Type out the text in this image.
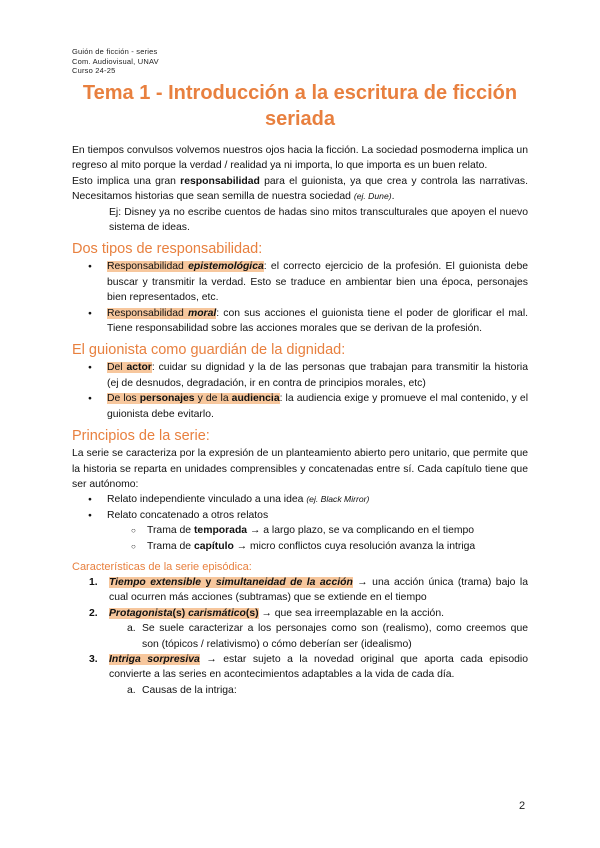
Guión de ficción - series
Com. Audiovisual, UNAV
Curso 24-25
Tema 1 - Introducción a la escritura de ficción seriada

En tiempos convulsos volvemos nuestros ojos hacia la ficción. La sociedad posmoderna implica un regreso al mito porque la verdad / realidad ya ni importa, lo que importa es un buen relato.

Esto implica una gran responsabilidad para el guionista, ya que crea y controla las narrativas. Necesitamos historias que sean semilla de nuestra sociedad (ej. Dune).

Ej: Disney ya no escribe cuentos de hadas sino mitos transculturales que apoyen el nuevo sistema de ideas.

Dos tipos de responsabilidad:
● Responsabilidad epistemológica: el correcto ejercicio de la profesión. El guionista debe buscar y transmitir la verdad. Esto se traduce en ambientar bien una época, personajes bien representados, etc.
● Responsabilidad moral: con sus acciones el guionista tiene el poder de glorificar el mal. Tiene responsabilidad sobre las acciones morales que se derivan de la profesión.
El guionista como guardián de la dignidad:
● Del actor: cuidar su dignidad y la de las personas que trabajan para transmitir la historia (ej de desnudos, degradación, ir en contra de principios morales, etc)
● De los personajes y de la audiencia: la audiencia exige y promueve el mal contenido, y el guionista debe evitarlo.
Principios de la serie:

La serie se caracteriza por la expresión de un planteamiento abierto pero unitario, que permite que la historia se reparta en unidades comprensibles y concatenadas entre sí. Cada capítulo tiene que ser autónomo:

● Relato independiente vinculado a una idea (ej. Black Mirror)
● Relato concatenado a otros relatos
○ Trama de temporada → a largo plazo, se va complicando en el tiempo
○ Trama de capítulo → micro conflictos cuya resolución avanza la intriga
Características de la serie episódica:
1. Tiempo extensible y simultaneidad de la acción → una acción única (trama) bajo la cual ocurren más acciones (subtramas) que se extiende en el tiempo
2. Protagonista(s) carismático(s) → que sea irreemplazable en la acción.
a. Se suele caracterizar a los personajes como son (realismo), como creemos que son (tópicos / relativismo) o cómo deberían ser (idealismo)
3. Intriga sorpresiva → estar sujeto a la novedad original que aporta cada episodio convierte a las series en acontecimientos adaptables a la vida de cada día.
a. Causas de la intriga:
2
